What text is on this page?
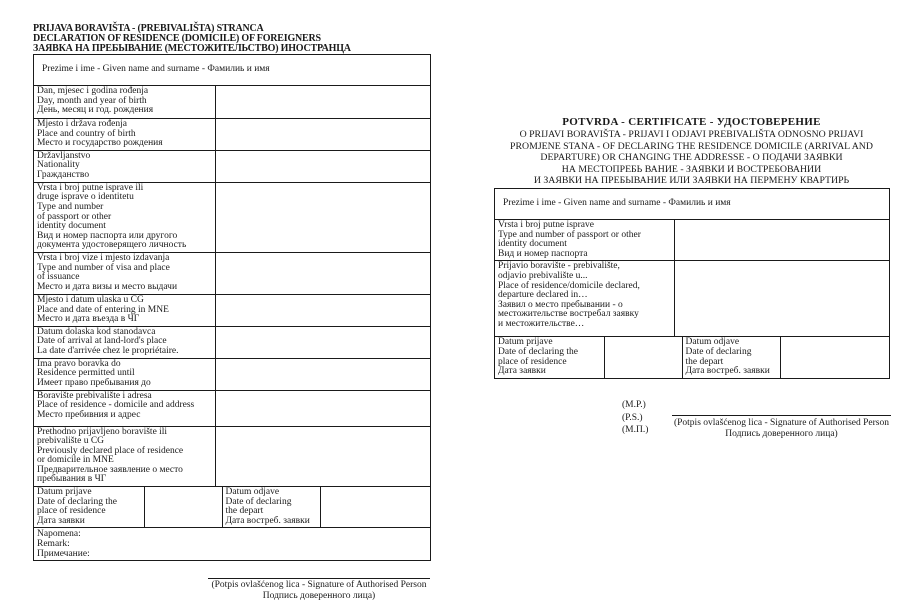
PRIJAVA BORAVIŠTA - (PREBIVALIŠTA) STRANCA
DECLARATION OF RESIDENCE (DOMICILE) OF FOREIGNERS
ЗАЯВКА НА ПРЕБЫВАНИЕ (МЕСТОЖИТЕЛЬСТВО) ИНОСТРАНЦА
Prezime i ime - Given name and surname - Фамилиь и имя

Dan, mjesec i godina rođenja
Day, month and year of birth
День, месяц и год. рождения

Mjesto i država rođenja
Place and country of birth
Место и государство рождения

Državljanstvo
Nationality
Гражданство

Vrsta i broj putne isprave ili
druge isprave o identitetu
Type and number
of passport or other
identity document
Вид и номер паспорта или другого
документа удостоверящего личность

Vrsta i broj vize i mjesto izdavanja
Type and number of visa and place
of issuance
Место и дата визы и место выдачи

Mjesto i datum ulaska u CG
Place and date of entering in MNE
Место и дата въезда в ЧГ

Datum dolaska kod stanodavca
Date of arrival at land-lord's place
La date d'arrivée chez le propriétaire.

Ima pravo boravka do
Residence permitted until
Имеет право пребывания до

Boravište prebivalište i adresa
Place of residence - domicile and address
Место пребивния и адрес

Prethodno prijavljeno boravište ili
prebivalište u CG
Previously declared place of residence
or domicile in MNE
Предварительное заявление о место
пребывания в ЧГ

Datum prijave
Date of declaring the
place of residence
Дата заявки

Datum odjave
Date of declaring
the depart
Дата востреб. заявки

Napomena:
Remark:
Примечание:
(Potpis ovlašćenog lica - Signature of Authorised Person
Подпись доверенного лица)
POTVRDA - CERTIFICATE - УДОСТОВЕРЕНИЕ
O PRIJAVI BORAVIŠTA - PRIJAVI I ODJAVI PREBIVALIŠTA ODNOSNO PRIJAVI
PROMJENE STANA - OF DECLARING THE RESIDENCE DOMICILE (ARRIVAL AND
DEPARTURE) OR CHANGING THE ADDRESSE - О ПОДАЧИ ЗАЯВКИ
НА МЕСТОПРЕБЬ ВАНИЕ - ЗАЯВКИ И ВОСТРЕБОВАНИИ
И ЗАЯВКИ НА ПРЕБЫВАНИЕ ИЛИ ЗАЯВКИ НА ПЕРМЕНУ КВАРТИРЬ
Prezime i ime - Given name and surname - Фамилиь и имя

Vrsta i broj putne isprave
Type and number of passport or other
identity document
Вид и номер паспорта

Prijavio boravište - prebivalište,
odjavio prebivalište u...
Place of residence/domicile declared,
departure declared in…
Заявил о место пребывании - о
местожительстве востребал заявку
и местожительстве…

Datum prijave
Date of declaring the
place of residence
Дата заявки

Datum odjave
Date of declaring
the depart
Дата востреб. заявки

(M.P.)
(P.S.)
(М.П.)
(Potpis ovlašćenog lica - Signature of Authorised Person
Подпись доверенного лица)
